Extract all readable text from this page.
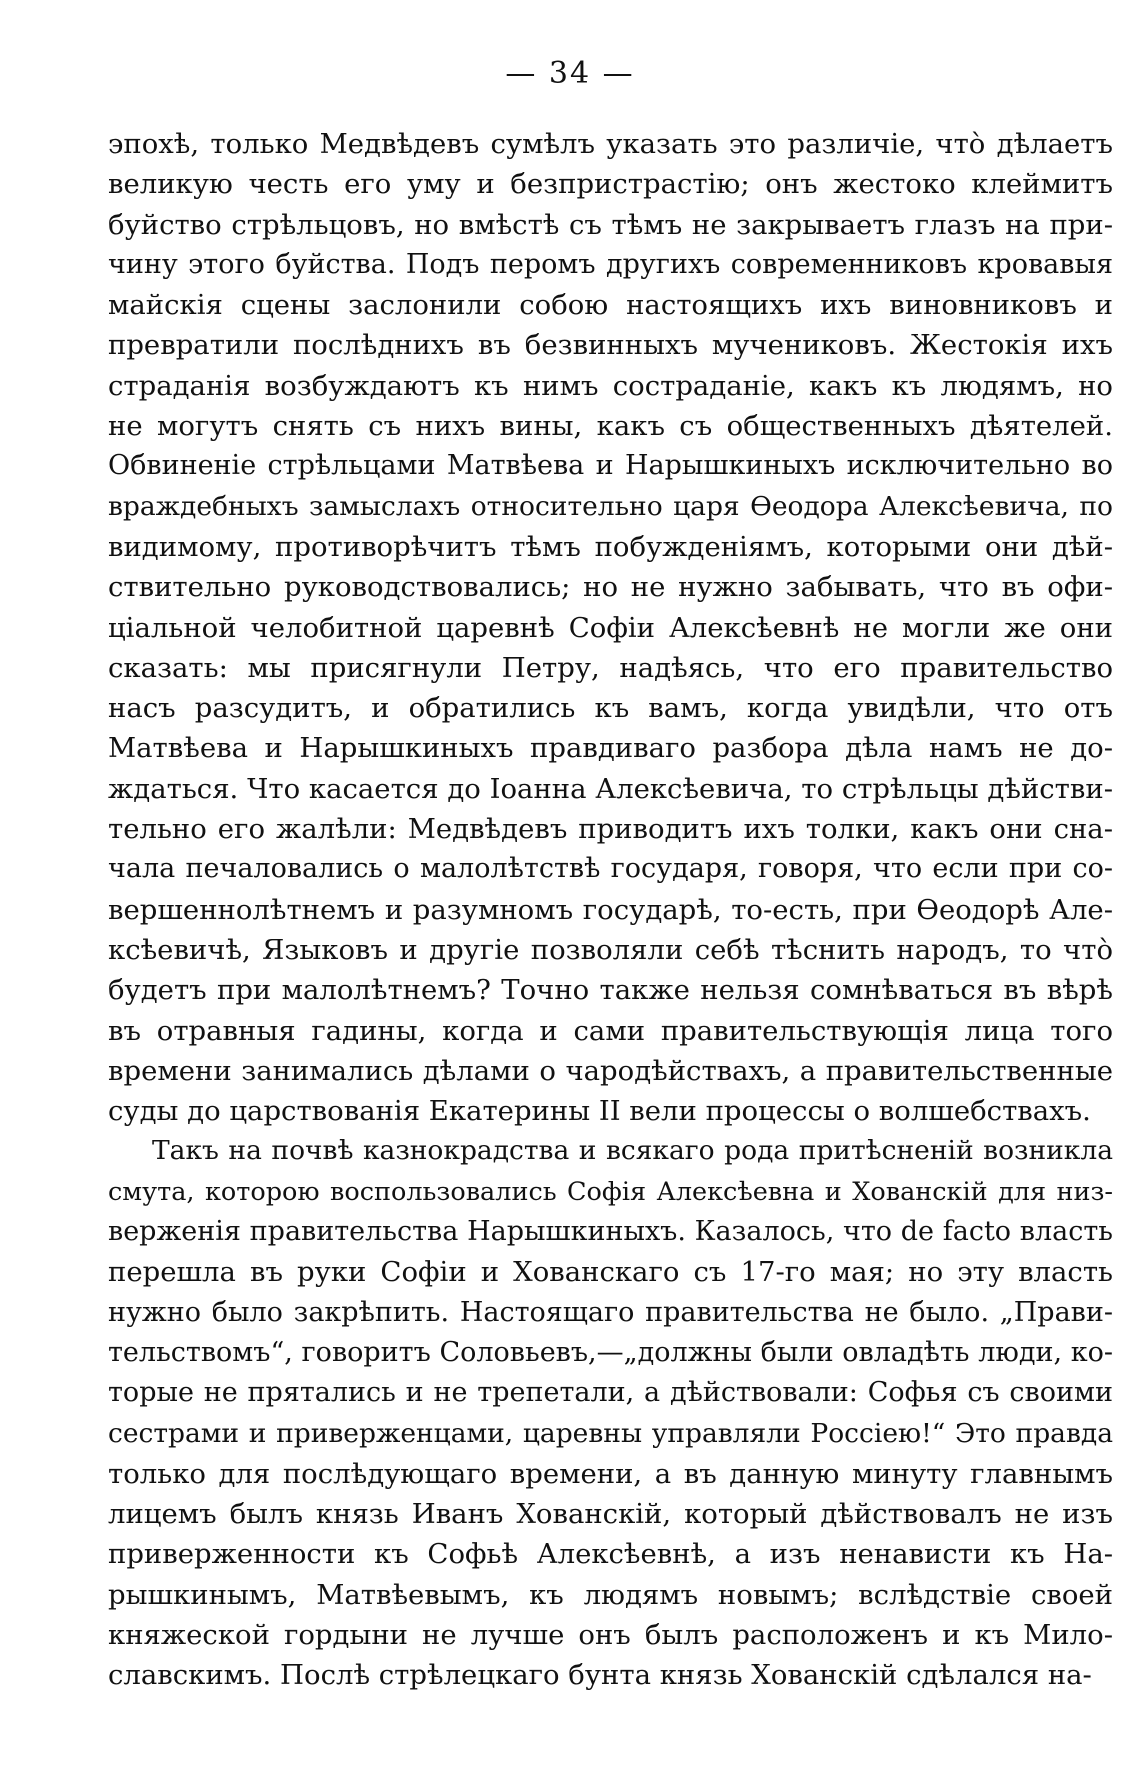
— 34 —
эпохѣ, только Медвѣдевъ сумѣлъ указать это различіе, что̀ дѣлаетъ
великую честь его уму и безпристрастію; онъ жестоко клеймитъ
буйство стрѣльцовъ, но вмѣстѣ съ тѣмъ не закрываетъ глазъ на при-
чину этого буйства. Подъ перомъ другихъ современниковъ кровавыя
майскія сцены заслонили собою настоящихъ ихъ виновниковъ и
превратили послѣднихъ въ безвинныхъ мучениковъ. Жестокія ихъ
страданія возбуждаютъ къ нимъ состраданіе, какъ къ людямъ, но
не могутъ снять съ нихъ вины, какъ съ общественныхъ дѣятелей.
Обвиненіе стрѣльцами Матвѣева и Нарышкиныхъ исключительно во
враждебныхъ замыслахъ относительно царя Ѳеодора Алексѣевича, по
видимому, противорѣчитъ тѣмъ побужденіямъ, которыми они дѣй-
ствительно руководствовались; но не нужно забывать, что въ офи-
ціальной челобитной царевнѣ Софіи Алексѣевнѣ не могли же они
сказать: мы присягнули Петру, надѣясь, что его правительство
насъ разсудитъ, и обратились къ вамъ, когда увидѣли, что отъ
Матвѣева и Нарышкиныхъ правдиваго разбора дѣла намъ не до-
ждаться. Что касается до Іоанна Алексѣевича, то стрѣльцы дѣйстви-
тельно его жалѣли: Медвѣдевъ приводитъ ихъ толки, какъ они сна-
чала печаловались о малолѣтствѣ государя, говоря, что если при со-
вершеннолѣтнемъ и разумномъ государѣ, то-есть, при Ѳеодорѣ Але-
ксѣевичѣ, Языковъ и другіе позволяли себѣ тѣснить народъ, то что̀
будетъ при малолѣтнемъ? Точно также нельзя сомнѣваться въ вѣрѣ
въ отравныя гадины, когда и сами правительствующія лица того
времени занимались дѣлами о чародѣйствахъ, а правительственные
суды до царствованія Екатерины II вели процессы о волшебствахъ.
Такъ на почвѣ казнокрадства и всякаго рода притѣсненій возникла
смута, которою воспользовались Софія Алексѣевна и Хованскій для низ-
верженія правительства Нарышкиныхъ. Казалось, что de facto власть
перешла въ руки Софіи и Хованскаго съ 17-го мая; но эту власть
нужно было закрѣпить. Настоящаго правительства не было. „Прави-
тельствомъ“, говоритъ Соловьевъ,—„должны были овладѣть люди, ко-
торые не прятались и не трепетали, а дѣйствовали: Софья съ своими
сестрами и приверженцами, царевны управляли Россіею!“ Это правда
только для послѣдующаго времени, а въ данную минуту главнымъ
лицемъ былъ князь Иванъ Хованскій, который дѣйствовалъ не изъ
приверженности къ Софьѣ Алексѣевнѣ, а изъ ненависти къ На-
рышкинымъ, Матвѣевымъ, къ людямъ новымъ; вслѣдствіе своей
княжеской гордыни не лучше онъ былъ расположенъ и къ Мило-
славскимъ. Послѣ стрѣлецкаго бунта князь Хованскій сдѣлался на-
